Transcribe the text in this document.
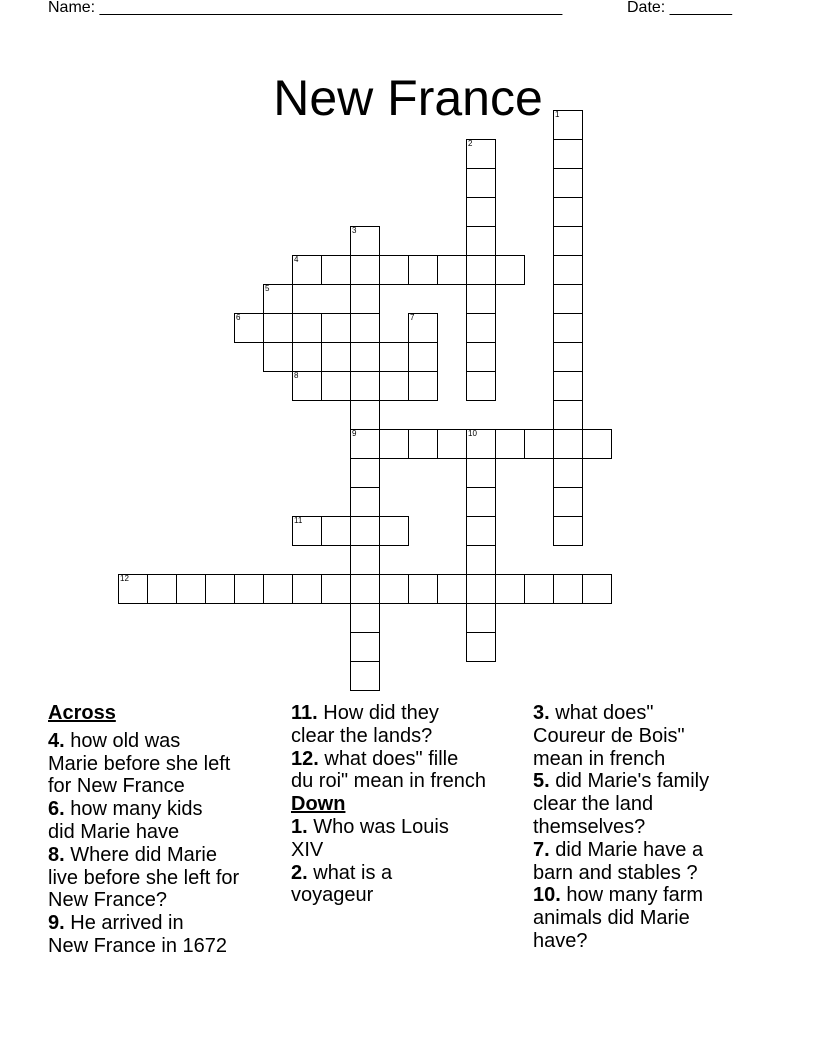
Name: ____________________________________________________	Date: _______
New France	1
2
3
4
5
6	7
8
9	10
11
12
Across
4. how old was
Marie before she left
for New France
6. how many kids
did Marie have
8. Where did Marie
live before she left for
New France?
9. He arrived in
New France in 1672
11. How did they
clear the lands?
12. what does" fille
du roi" mean in french
Down
1. Who was Louis
XIV
2. what is a
voyageur
3. what does"
Coureur de Bois"
mean in french
5. did Marie's family
clear the land
themselves?
7. did Marie have a
barn and stables ?
10. how many farm
animals did Marie
have?
